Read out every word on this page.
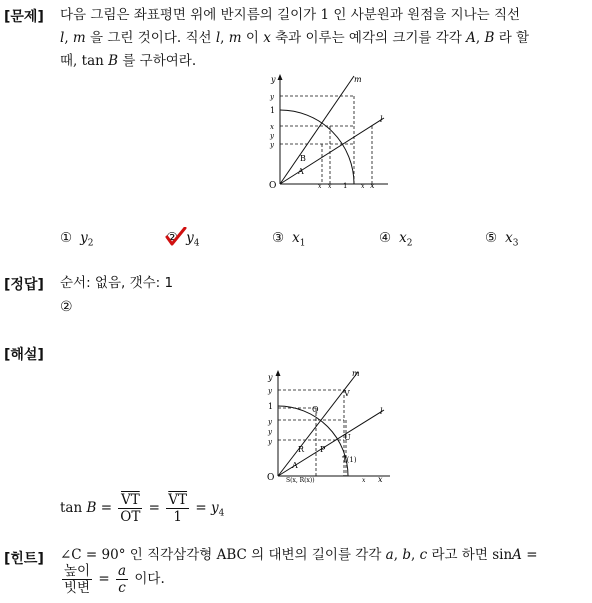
[문제] 다음 그림은 좌표평면 위에 반지름의 길이가 1 인 사분원과 원점을 지나는 직선
l, m 을 그린 것이다. 직선 l, m 이 x 축과 이루는 예각의 크기를 각각 A, B 라 할
때, tan B 를 구하여라.
y	m
l
y
1
x
y
y
B
A
O	x x 1 x x
① $y_2$	② $y_4$	③ $x_1$	④ $x_2$	⑤ $x_3$
[정답] 순서: 없음, 갯수: 1
②
[해설]
y	m
l
y
1
y
y
y
Q
V
P
U
T(1)
R
A
O S(x, R(x))	x x
$\tan B = \frac{\overline{VT}}{OT} = \frac{\overline{VT}}{1} = y_4$
[힌트] ∠C = 90° 인 직각삼각형 ABC 의 대변의 길이를 각각 a, b, c 라고 하면 sinA =
$\frac{\text{높이}}{\text{빗변}} = \frac{a}{c}$ 이다.
